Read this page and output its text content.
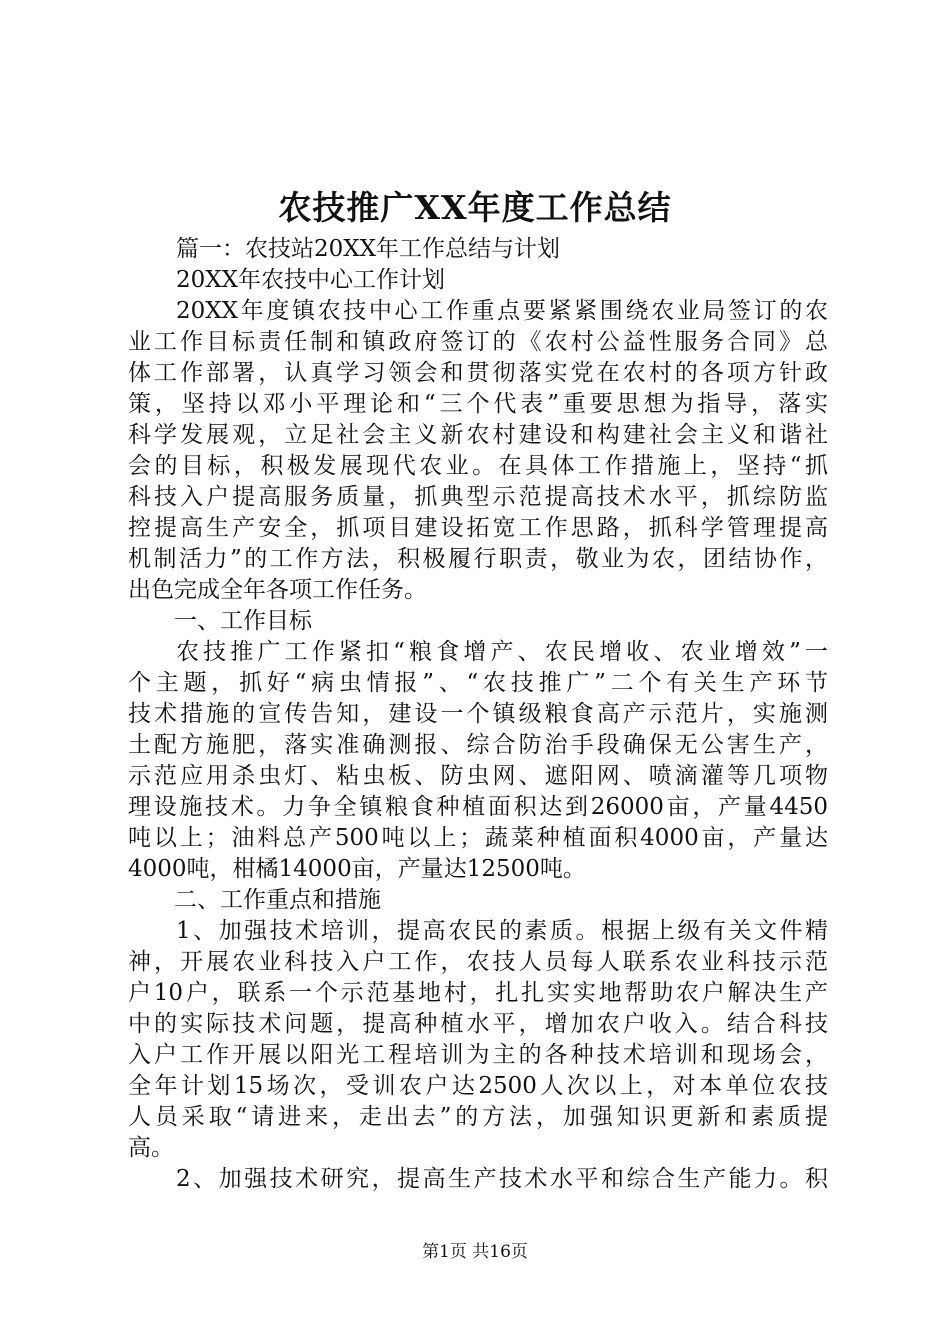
农技推广XX年度工作总结
篇一：农技站20XX年工作总结与计划
20XX年农技中心工作计划
20XX年度镇农技中心工作重点要紧紧围绕农业局签订的农
业工作目标责任制和镇政府签订的《农村公益性服务合同》总
体工作部署，认真学习领会和贯彻落实党在农村的各项方针政
策，坚持以邓小平理论和“三个代表”重要思想为指导，落实
科学发展观，立足社会主义新农村建设和构建社会主义和谐社
会的目标，积极发展现代农业。在具体工作措施上，坚持“抓
科技入户提高服务质量，抓典型示范提高技术水平，抓综防监
控提高生产安全，抓项目建设拓宽工作思路，抓科学管理提高
机制活力”的工作方法，积极履行职责，敬业为农，团结协作，
出色完成全年各项工作任务。
一、工作目标
农技推广工作紧扣“粮食增产、农民增收、农业增效”一
个主题，抓好“病虫情报”、“农技推广”二个有关生产环节
技术措施的宣传告知，建设一个镇级粮食高产示范片，实施测
土配方施肥，落实准确测报、综合防治手段确保无公害生产，
示范应用杀虫灯、粘虫板、防虫网、遮阳网、喷滴灌等几项物
理设施技术。力争全镇粮食种植面积达到26000亩，产量4450
吨以上；油料总产500吨以上；蔬菜种植面积4000亩，产量达
4000吨，柑橘14000亩，产量达12500吨。
二、工作重点和措施
1、加强技术培训，提高农民的素质。根据上级有关文件精
神，开展农业科技入户工作，农技人员每人联系农业科技示范
户10户，联系一个示范基地村，扎扎实实地帮助农户解决生产
中的实际技术问题，提高种植水平，增加农户收入。结合科技
入户工作开展以阳光工程培训为主的各种技术培训和现场会，
全年计划15场次，受训农户达2500人次以上，对本单位农技
人员采取“请进来，走出去”的方法，加强知识更新和素质提
高。
2、加强技术研究，提高生产技术水平和综合生产能力。积
第1页 共16页
